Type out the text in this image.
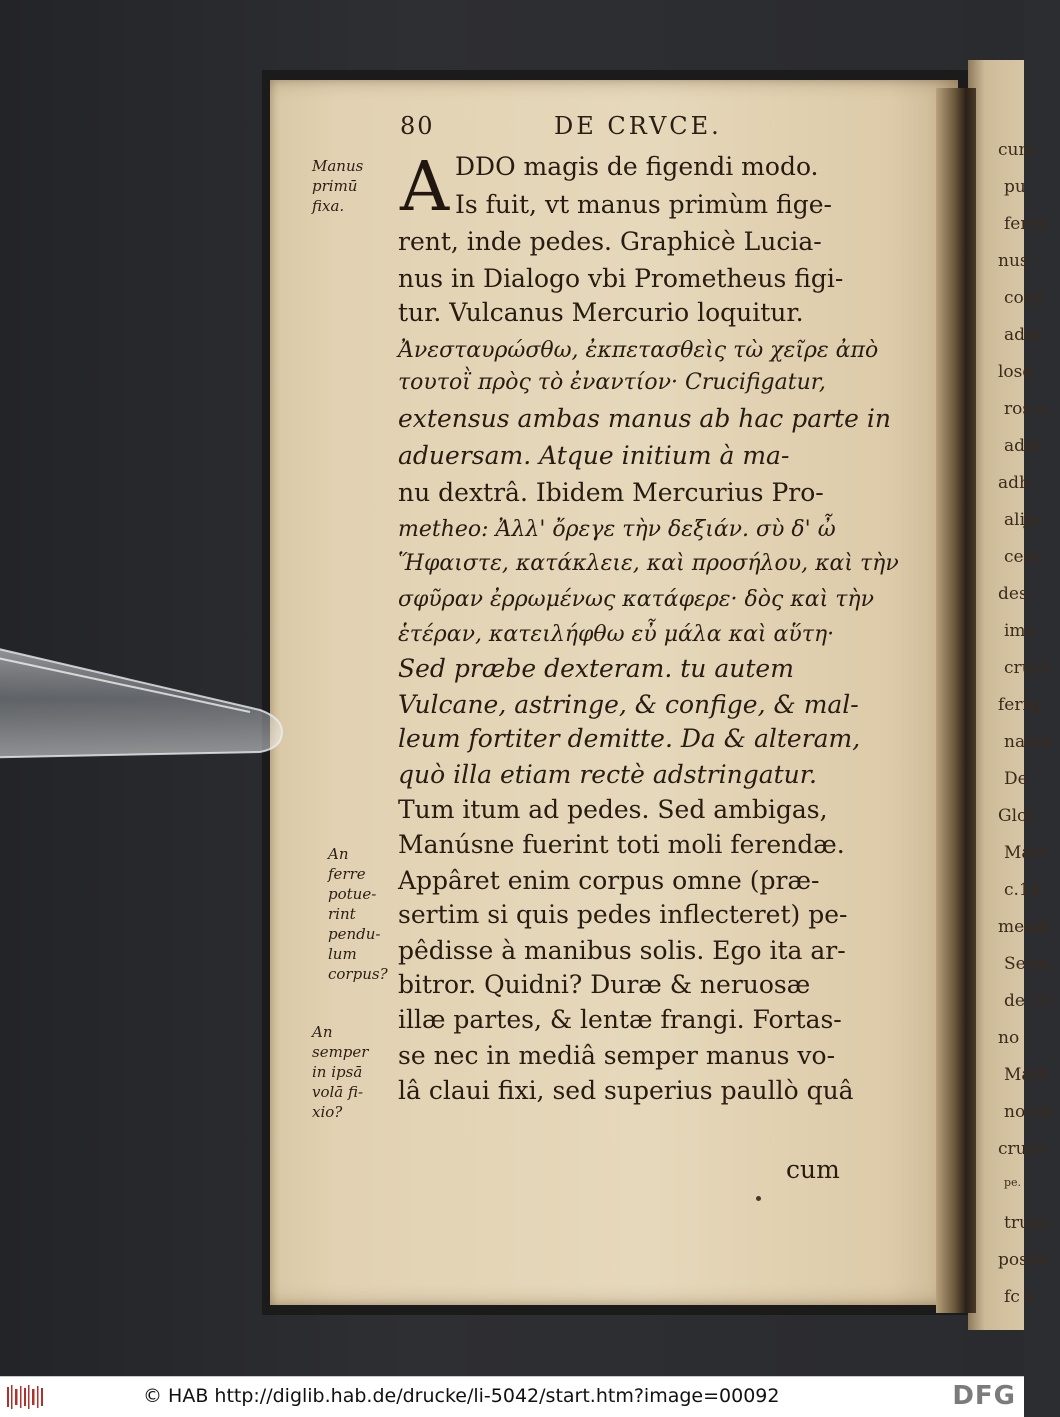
cum
pu
ferre
nus
corp
adm
losq
ros a
adst
adh
alijs
cere
des.
imò
cruce
feriq
natus
De
Glot.
Mart.
c.14
meum
Serm.
de Cr.
no
Mart.
noces
cruce
pe.
trunc
positu
fc a
80	DE CRVCE.
A DDO magis de figendi modo.
Is fuit, vt manus primùm fige-
rent, inde pedes. Graphicè Lucia-
nus in Dialogo vbi Prometheus figi-
tur. Vulcanus Mercurio loquitur.
Ἀνεσταυρώσθω, ἐκπετασθεὶς τὼ χεῖρε ἀπὸ
τουτοῒ πρὸς τὸ ἐναντίον· Crucifigatur,
extensus ambas manus ab hac parte in
aduersam. Atque initium à ma-
nu dextrâ. Ibidem Mercurius Pro-
metheo: Ἀλλ' ὄρεγε τὴν δεξιάν. σὺ δ' ὦ
Ἥφαιστε, κατάκλειε, καὶ προσήλου, καὶ τὴν
σφῦραν ἐρρωμένως κατάφερε· δὸς καὶ τὴν
ἑτέραν, κατειλήφθω εὖ μάλα καὶ αὕτη·
Sed præbe dexteram. tu autem
Vulcane, astringe, & confige, & mal-
leum fortiter demitte. Da & alteram,
quò illa etiam rectè adstringatur.
Tum itum ad pedes. Sed ambigas,
Manúsne fuerint toti moli ferendæ.
Appâret enim corpus omne (præ-
sertim si quis pedes inflecteret) pe-
pêdisse à manibus solis. Ego ita ar-
bitror. Quidni? Duræ & neruosæ
illæ partes, & lentæ frangi. Fortas-
se nec in mediâ semper manus vo-
lâ claui fixi, sed superius paullò quâ
Manus
primū
fixa.
An
ferre
potue-
rint
pendu-
lum
corpus?
An
semper
in ipsā
volā fi-
xio?
cum
© HAB http://diglib.hab.de/drucke/li-5042/start.htm?image=00092	DFG
